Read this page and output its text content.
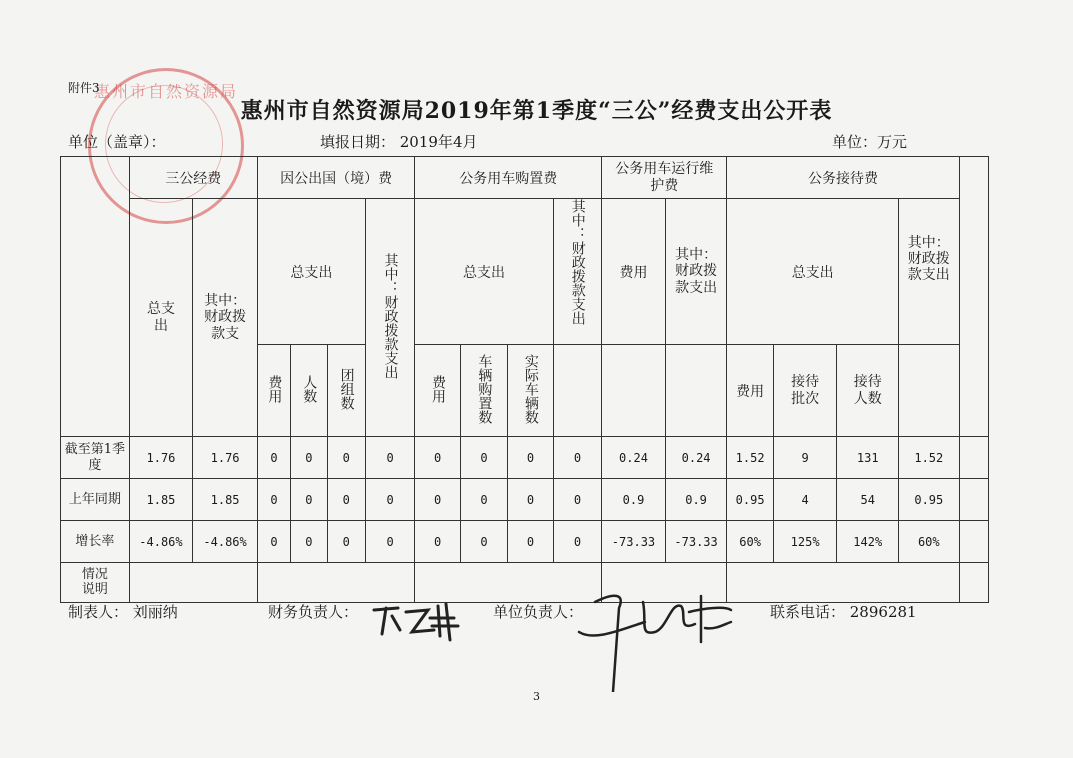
惠州市自然资源局
附件3
惠州市自然资源局2019年第1季度“三公”经费支出公开表
单位（盖章）：	填报日期： 2019年4月	单位：万元
	三公经费		因公出国（境）费				公务用车购置费				公务用车运行维护费		公务接待费				
	总支出	其中：财政拨款支	总支出			其中：财政拨款支出	总支出			其中：财政拨款支出	费用	其中：财政拨款支出	总支出			其中：财政拨款支出	
			费用	人数	团组数		费用	车辆购置数	实际车辆数				费用	接待批次	接待人数		
截至第1季度	1.76	1.76	0	0	0	0	0	0	0	0	0.24	0.24	1.52	9	131	1.52	
上年同期	1.85	1.85	0	0	0	0	0	0	0	0	0.9	0.9	0.95	4	54	0.95	
增长率	-4.86%	-4.86%	0	0	0	0	0	0	0	0	-73.33	-73.33	60%	125%	142%	60%	
情况说明																	
制表人： 刘丽纳	财务负责人：	单位负责人：	联系电话： 2896281
3
